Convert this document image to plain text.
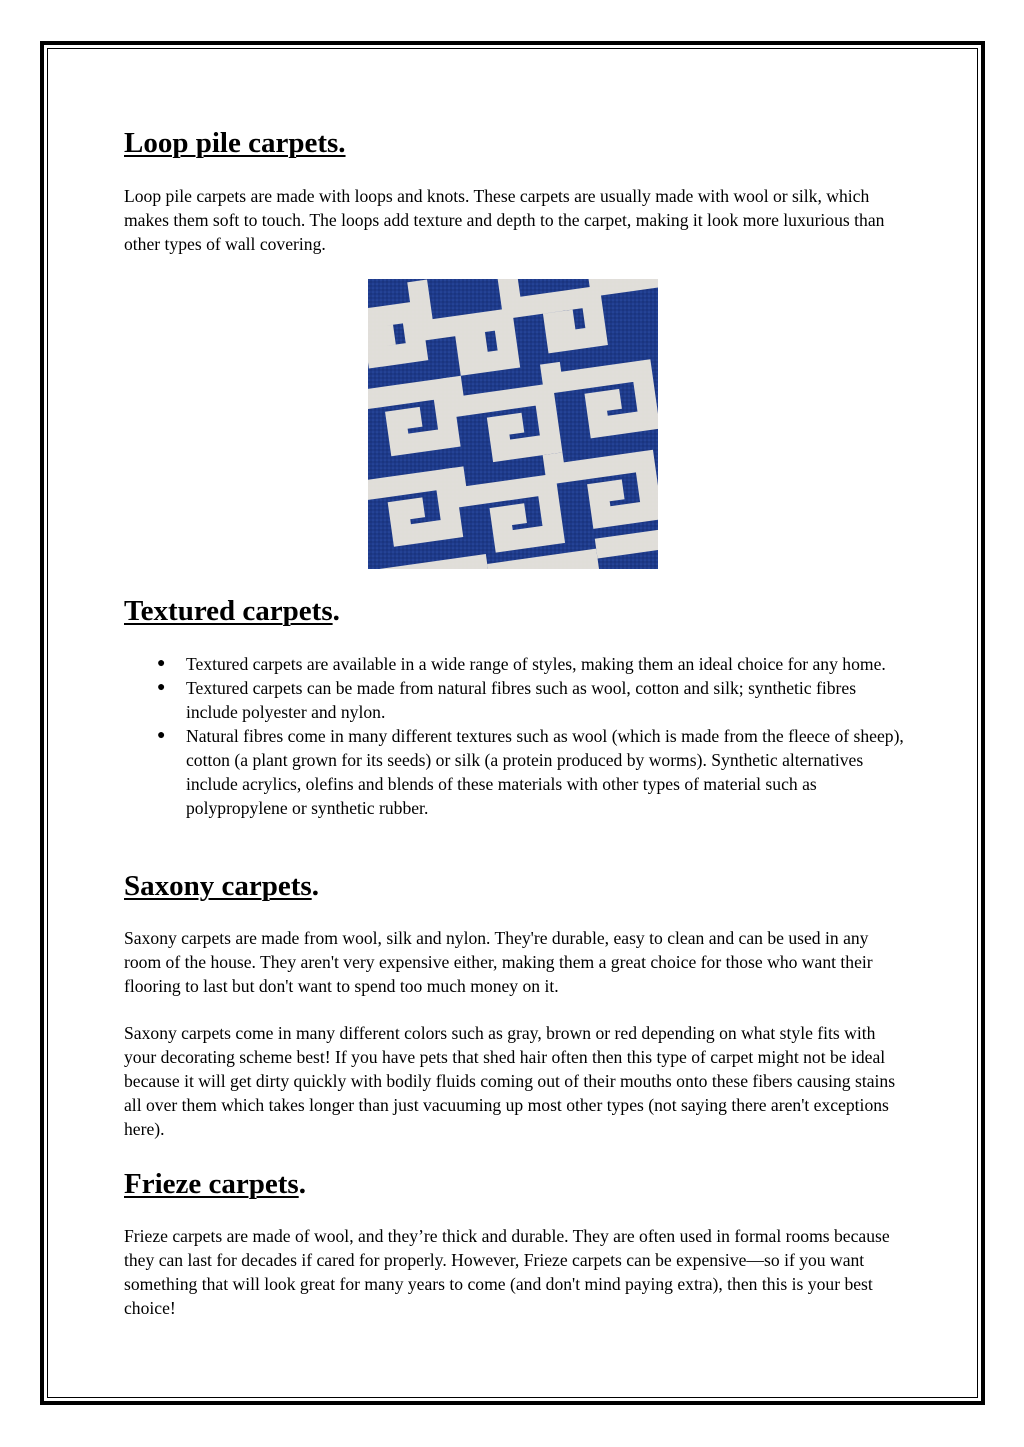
Loop pile carpets.

Loop pile carpets are made with loops and knots. These carpets are usually made with wool or silk, which makes them soft to touch. The loops add texture and depth to the carpet, making it look more luxurious than other types of wall covering.

Textured carpets.
● Textured carpets are available in a wide range of styles, making them an ideal choice for any home.
● Textured carpets can be made from natural fibres such as wool, cotton and silk; synthetic fibres include polyester and nylon.
● Natural fibres come in many different textures such as wool (which is made from the fleece of sheep), cotton (a plant grown for its seeds) or silk (a protein produced by worms). Synthetic alternatives include acrylics, olefins and blends of these materials with other types of material such as polypropylene or synthetic rubber.
Saxony carpets.

Saxony carpets are made from wool, silk and nylon. They're durable, easy to clean and can be used in any room of the house. They aren't very expensive either, making them a great choice for those who want their flooring to last but don't want to spend too much money on it.

Saxony carpets come in many different colors such as gray, brown or red depending on what style fits with your decorating scheme best! If you have pets that shed hair often then this type of carpet might not be ideal because it will get dirty quickly with bodily fluids coming out of their mouths onto these fibers causing stains all over them which takes longer than just vacuuming up most other types (not saying there aren't exceptions here).

Frieze carpets.

Frieze carpets are made of wool, and they’re thick and durable. They are often used in formal rooms because they can last for decades if cared for properly. However, Frieze carpets can be expensive—so if you want something that will look great for many years to come (and don't mind paying extra), then this is your best choice!
